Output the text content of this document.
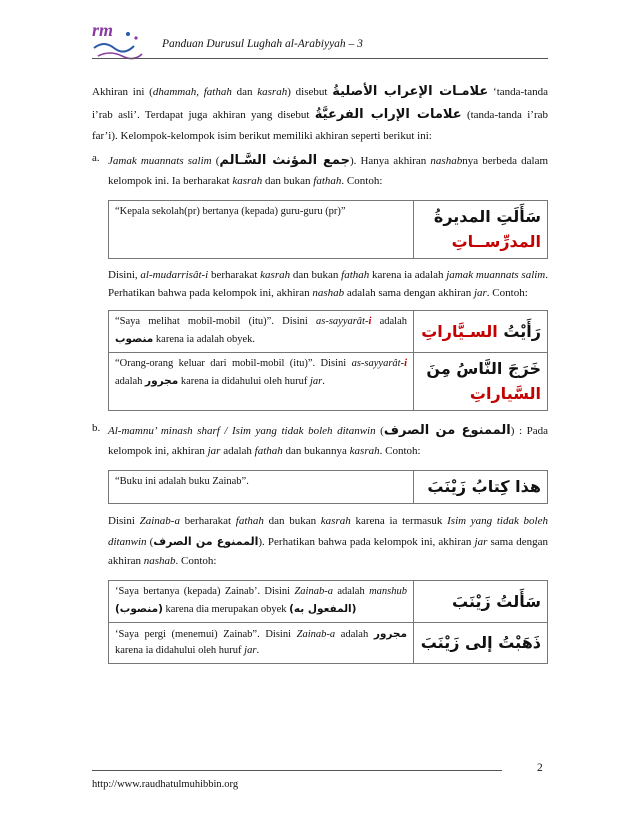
rm
Panduan Durusul Lughah al-Arabiyyah – 3

Akhiran ini (dhammah, fathah dan kasrah) disebut علامـات الإعراب الأصليةُ ‘tanda-tanda i’rab asli’. Terdapat juga akhiran yang disebut علامات الإراب الفرعيَّةُ (tanda-tanda i’rab far’i). Kelompok-kelompok isim berikut memiliki akhiran seperti berikut ini:

a. Jamak muannats salim (جمع المؤنث السَّـالم). Hanya akhiran nashabnya berbeda dalam kelompok ini. Ia berharakat kasrah dan bukan fathah. Contoh:

“Kepala sekolah(pr) bertanya (kepada) guru-guru (pr)”	سَأَلَتِ المديرةُ المدرِّســاتِ

Disini, al-mudarrisât-i berharakat kasrah dan bukan fathah karena ia adalah jamak muannats salim. Perhatikan bahwa pada kelompok ini, akhiran nashab adalah sama dengan akhiran jar. Contoh:

“Saya melihat mobil-mobil (itu)”. Disini as-sayyarât-i adalah منصوب karena ia adalah obyek.	رَأَيْتُ السـيَّاراتِ
“Orang-orang keluar dari mobil-mobil (itu)”. Disini as-sayyarât-i adalah مجرور karena ia didahului oleh huruf jar.	خَرَجَ النَّاسُ مِنَ السَّياراتِ
b. Al-mamnu’ minash sharf / Isim yang tidak boleh ditanwin (الممنوع من الصرف) : Pada kelompok ini, akhiran jar adalah fathah dan bukannya kasrah. Contoh:

“Buku ini adalah buku Zainab”.	هذا كِتابُ زَيْنَبَ

Disini Zainab-a berharakat fathah dan bukan kasrah karena ia termasuk Isim yang tidak boleh ditanwin (الممنوع من الصرف). Perhatikan bahwa pada kelompok ini, akhiran jar sama dengan akhiran nashab. Contoh:

‘Saya bertanya (kepada) Zainab’. Disini Zainab-a adalah manshub (منصوب) karena dia merupakan obyek (المفعول به)	سَأَلتُ زَيْنَبَ
‘Saya pergi (menemui) Zainab”. Disini Zainab-a adalah مجرور karena ia didahului oleh huruf jar.	ذَهَبْتُ إلى زَيْنَبَ
2
http://www.raudhatulmuhibbin.org
